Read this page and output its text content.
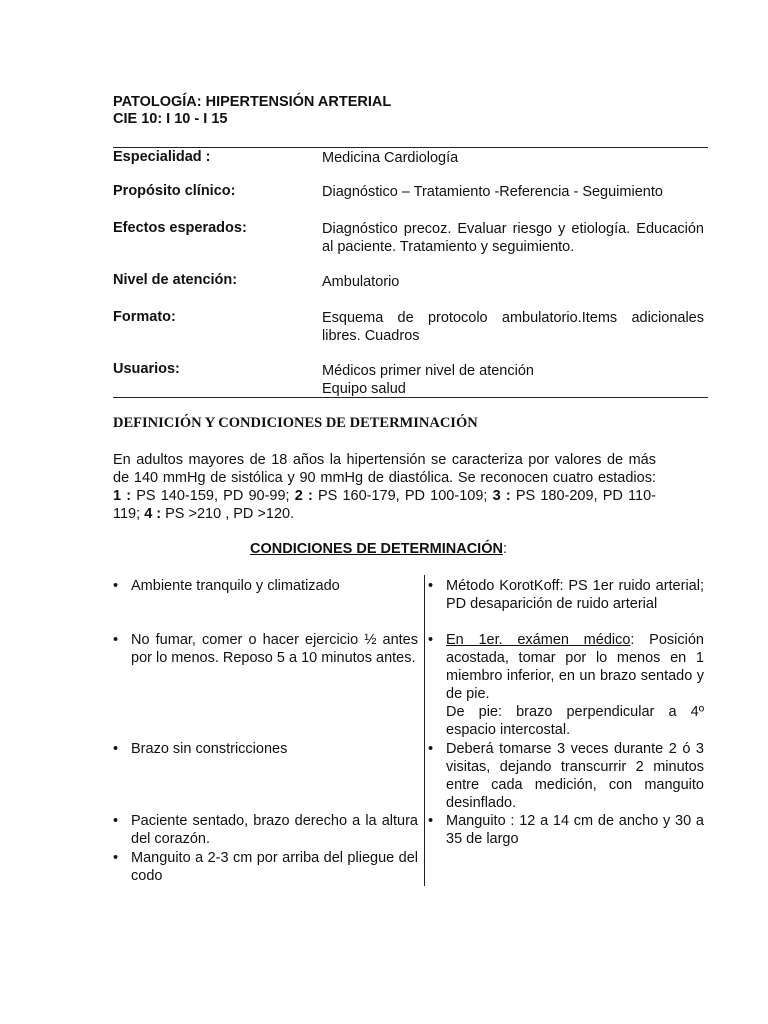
PATOLOGÍA: HIPERTENSIÓN ARTERIAL
CIE 10: I 10 - I 15
Especialidad :	Medicina Cardiología
Propósito clínico:	Diagnóstico – Tratamiento -Referencia - Seguimiento
Efectos esperados:	Diagnóstico precoz. Evaluar riesgo y etiología. Educación al paciente. Tratamiento y seguimiento.
Nivel de atención:	Ambulatorio
Formato:	Esquema de protocolo ambulatorio.Items adicionales libres. Cuadros
Usuarios:	Médicos primer nivel de atención
Equipo salud
DEFINICIÓN Y CONDICIONES DE DETERMINACIÓN
En adultos mayores de 18 años la hipertensión se caracteriza por valores de más de 140 mmHg de sistólica y 90 mmHg de diastólica. Se reconocen cuatro estadios: 1 : PS 140-159, PD 90-99; 2 : PS 160-179, PD 100-109; 3 : PS 180-209, PD 110-119; 4 : PS >210 , PD >120.
CONDICIONES DE DETERMINACIÓN:
• Ambiente tranquilo y climatizado
• No fumar, comer o hacer ejercicio ½ antes por lo menos. Reposo 5 a 10 minutos antes.
• Brazo sin constricciones
• Paciente sentado, brazo derecho a la altura del corazón.
• Manguito a 2-3 cm por arriba del pliegue del codo
• Método KorotKoff: PS 1er ruido arterial; PD desaparición de ruido arterial
• En 1er. exámen médico: Posición acostada, tomar por lo menos en 1 miembro inferior, en un brazo sentado y de pie.
De pie: brazo perpendicular a 4º espacio intercostal.
• Deberá tomarse 3 veces durante 2 ó 3 visitas, dejando transcurrir 2 minutos entre cada medición, con manguito desinflado.
• Manguito : 12 a 14 cm de ancho y 30 a 35 de largo
